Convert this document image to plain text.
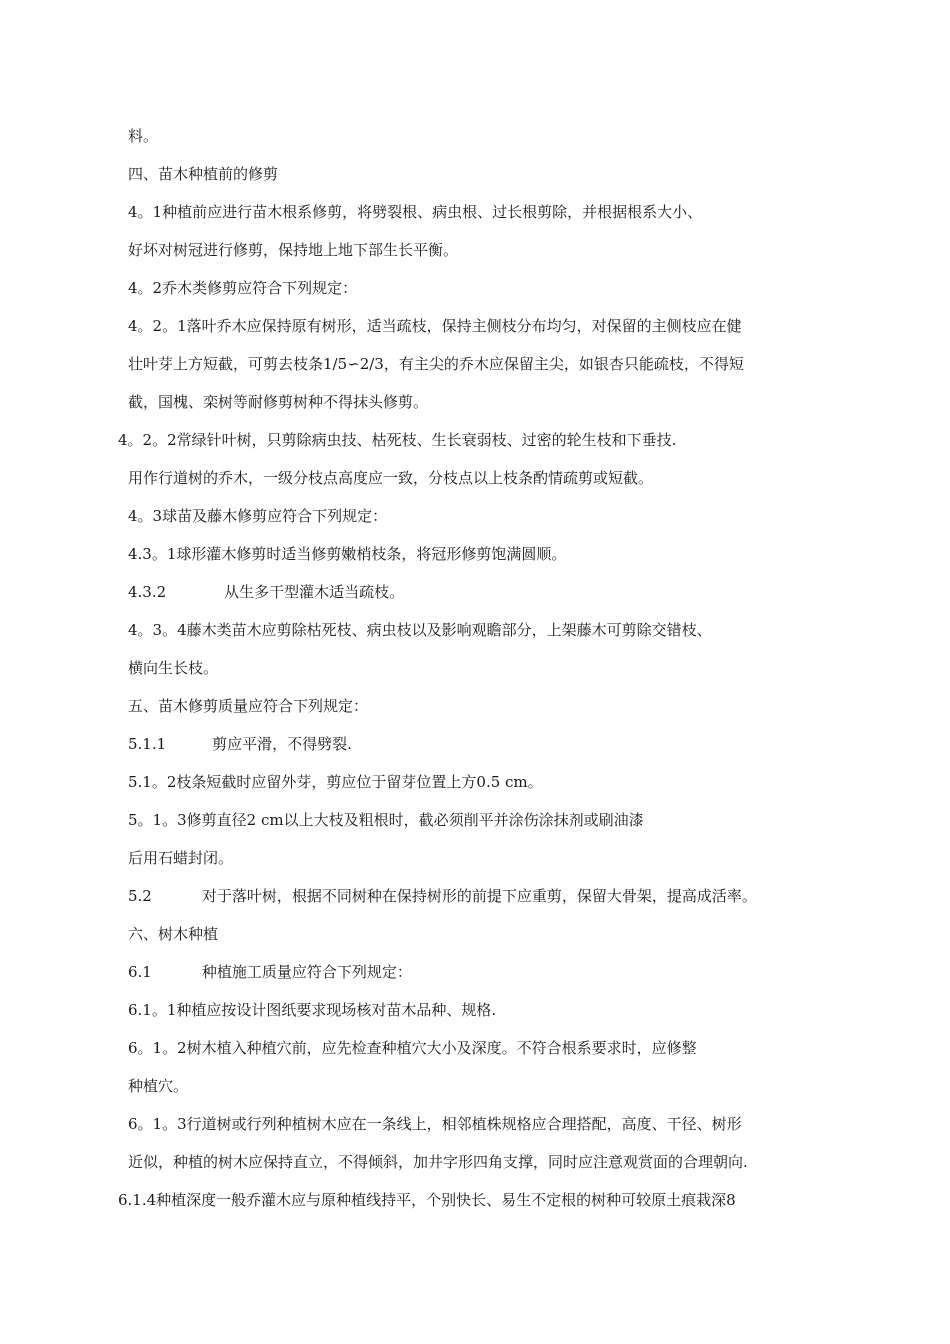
料。
四、苗木种植前的修剪
4。1种植前应进行苗木根系修剪，将劈裂根、病虫根、过长根剪除，并根据根系大小、
好坏对树冠进行修剪，保持地上地下部生长平衡。
4。2乔木类修剪应符合下列规定：
4。2。1落叶乔木应保持原有树形，适当疏枝，保持主侧枝分布均匀，对保留的主侧枝应在健
壮叶芽上方短截，可剪去枝条1/5∽2/3，有主尖的乔木应保留主尖，如银杏只能疏枝，不得短
截，国槐、栾树等耐修剪树种不得抹头修剪。
4。2。2常绿针叶树，只剪除病虫技、枯死枝、生长衰弱枝、过密的轮生枝和下垂技.
用作行道树的乔木，一级分枝点高度应一致，分枝点以上枝条酌情疏剪或短截。
4。3球苗及藤木修剪应符合下列规定：
4.3。1球形灌木修剪时适当修剪嫩梢枝条，将冠形修剪饱满圆顺。
4.3.2	从生多干型灌木适当疏枝。
4。3。4藤木类苗木应剪除枯死枝、病虫枝以及影响观瞻部分，上架藤木可剪除交错枝、
横向生长枝。
五、苗木修剪质量应符合下列规定：
5.1.1	剪应平滑，不得劈裂.
5.1。2枝条短截时应留外芽，剪应位于留芽位置上方0.5 cm。
5。1。3修剪直径2 cm以上大枝及粗根时，截必须削平并涂伤涂抹剂或刷油漆
后用石蜡封闭。
5.2	对于落叶树，根据不同树种在保持树形的前提下应重剪，保留大骨架，提高成活率。
六、树木种植
6.1	种植施工质量应符合下列规定：
6.1。1种植应按设计图纸要求现场核对苗木品种、规格.
6。1。2树木植入种植穴前，应先检查种植穴大小及深度。不符合根系要求时，应修整
种植穴。
6。1。3行道树或行列种植树木应在一条线上，相邻植株规格应合理搭配，高度、干径、树形
近似，种植的树木应保持直立，不得倾斜，加井字形四角支撑，同时应注意观赏面的合理朝向.
6.1.4种植深度一般乔灌木应与原种植线持平，个别快长、易生不定根的树种可较原土痕栽深8
